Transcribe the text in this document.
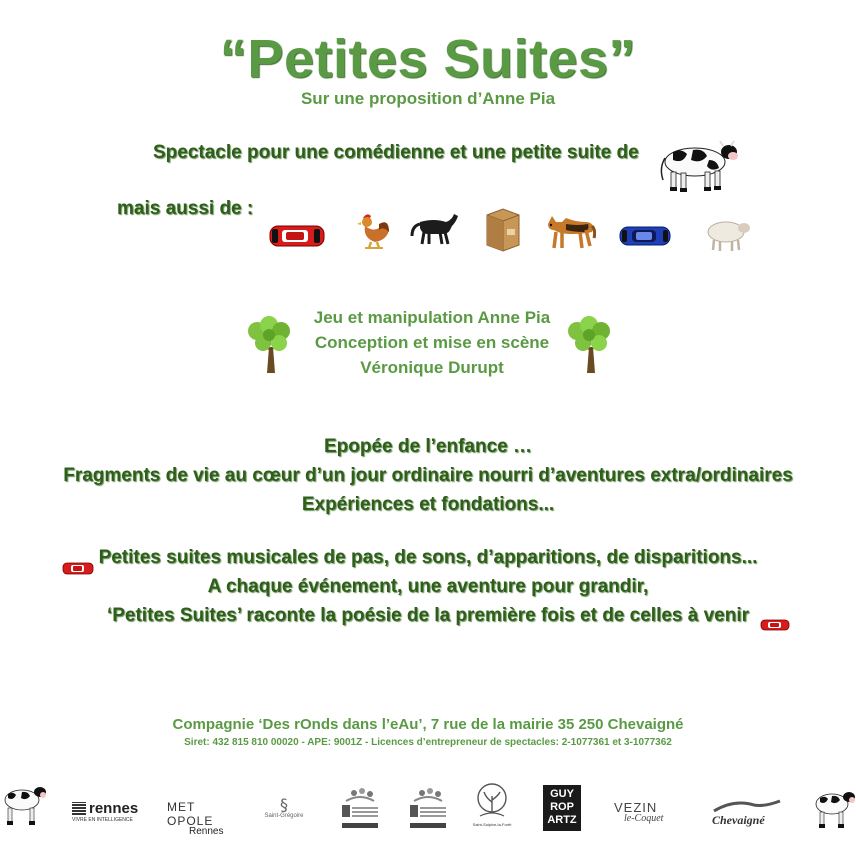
“Petites Suites”
Sur une proposition d’Anne Pia
Spectacle pour une comédienne et une petite suite de
mais aussi de :
Jeu et manipulation Anne Pia
Conception et mise en scène
Véronique Durupt
Epopée de l’enfance …
Fragments de vie au cœur d’un jour ordinaire nourri d’aventures extra/ordinaires
Expériences et fondations...
Petites suites musicales de pas, de sons, d’apparitions, de disparitions...
A chaque événement, une aventure pour grandir,
‘Petites Suites’ raconte la poésie de la première fois et de celles à venir
Compagnie ‘Des rOnds dans l’eAu’, 7 rue de la mairie 35 250 Chevaigné
Siret: 432 815 810 00020 - APE: 9001Z - Licences d’entrepreneur de spectacles: 2-1077361 et 3-1077362
rennes
VIVRE EN INTELLIGENCE
MET OPOLE
Rennes
§
Saint-Grégoire
Saint-Sulpice-la-Forêt
GUY
ROP
ARTZ
VEZIN
le-Coquet	Chevaigné
